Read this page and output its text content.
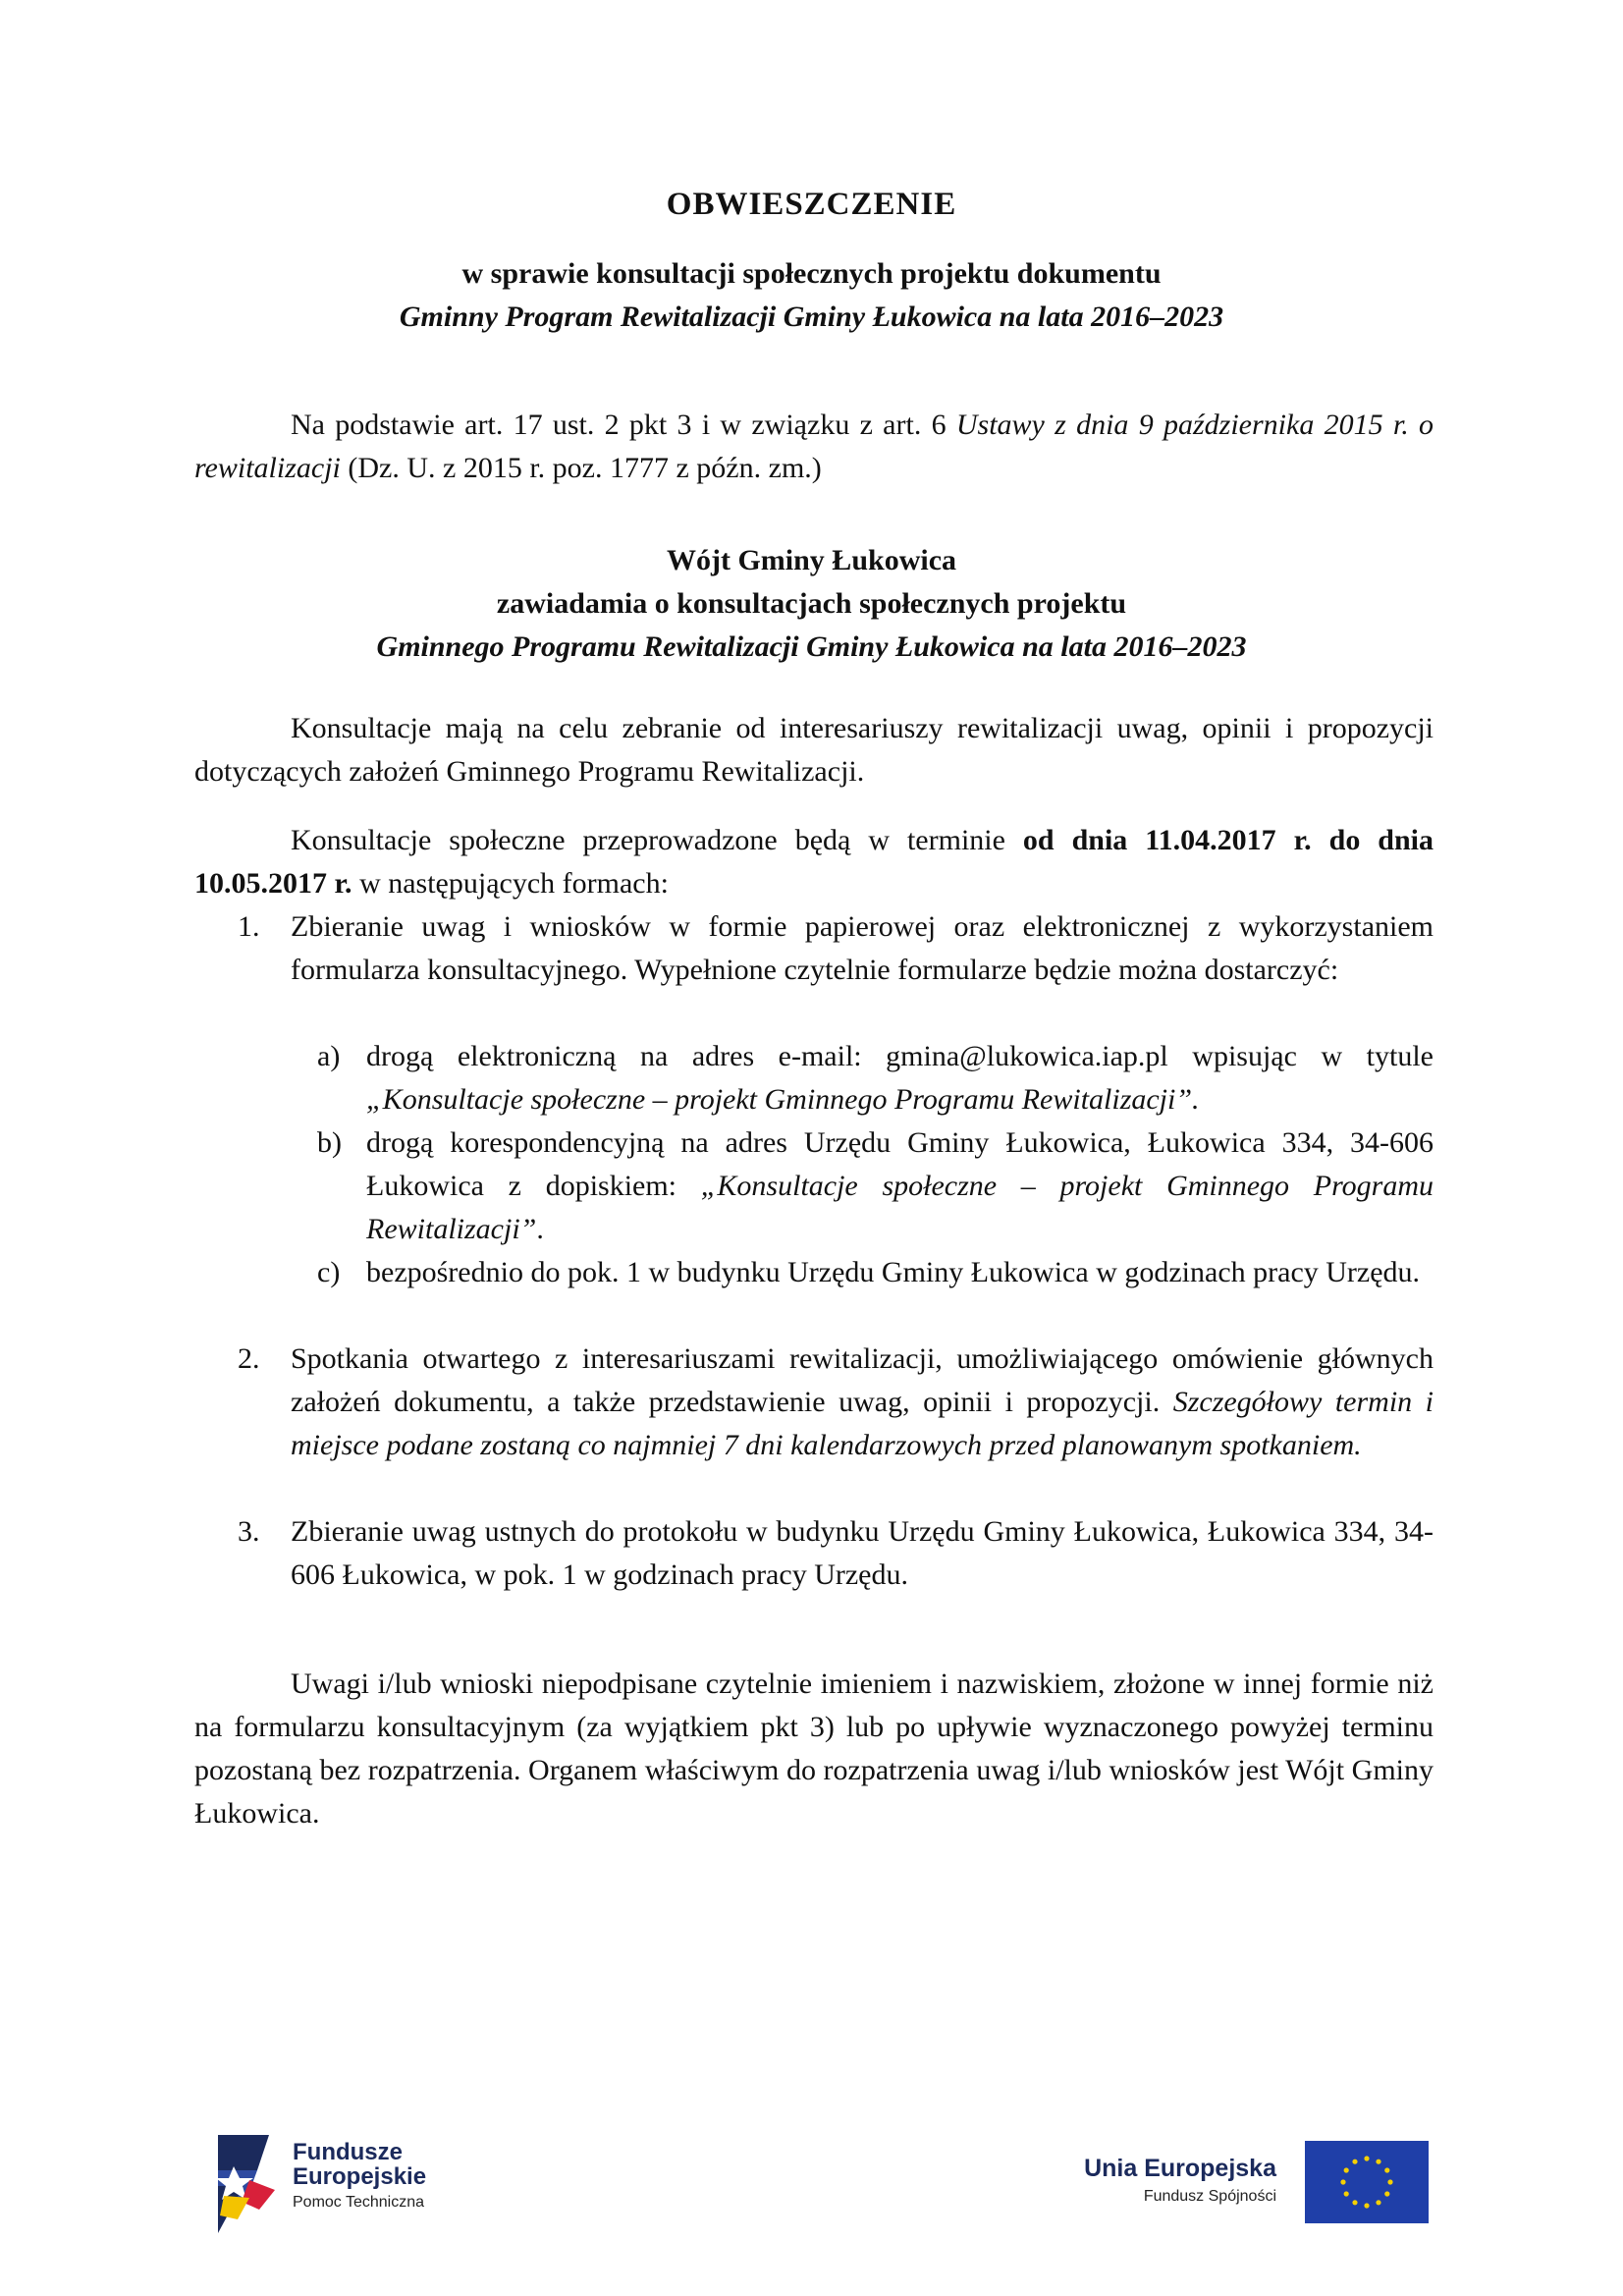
OBWIESZCZENIE
w sprawie konsultacji społecznych projektu dokumentu
Gminny Program Rewitalizacji Gminy Łukowica na lata 2016–2023
Na podstawie art. 17 ust. 2 pkt 3 i w związku z art. 6 Ustawy z dnia 9 października 2015 r. o rewitalizacji (Dz. U. z 2015 r. poz. 1777 z późn. zm.)
Wójt Gminy Łukowica
zawiadamia o konsultacjach społecznych projektu
Gminnego Programu Rewitalizacji Gminy Łukowica na lata 2016–2023
Konsultacje mają na celu zebranie od interesariuszy rewitalizacji uwag, opinii i propozycji dotyczących założeń Gminnego Programu Rewitalizacji.
Konsultacje społeczne przeprowadzone będą w terminie od dnia 11.04.2017 r. do dnia 10.05.2017 r. w następujących formach:
1.	Zbieranie uwag i wniosków w formie papierowej oraz elektronicznej z wykorzystaniem formularza konsultacyjnego. Wypełnione czytelnie formularze będzie można dostarczyć:
a) drogą elektroniczną na adres e-mail: gmina@lukowica.iap.pl wpisując w tytule „Konsultacje społeczne – projekt Gminnego Programu Rewitalizacji”.
b) drogą korespondencyjną na adres Urzędu Gminy Łukowica, Łukowica 334, 34-606 Łukowica z dopiskiem: „Konsultacje społeczne – projekt Gminnego Programu Rewitalizacji”.
c) bezpośrednio do pok. 1 w budynku Urzędu Gminy Łukowica w godzinach pracy Urzędu.
2.	Spotkania otwartego z interesariuszami rewitalizacji, umożliwiającego omówienie głównych założeń dokumentu, a także przedstawienie uwag, opinii i propozycji. Szczegółowy termin i miejsce podane zostaną co najmniej 7 dni kalendarzowych przed planowanym spotkaniem.
3.	Zbieranie uwag ustnych do protokołu w budynku Urzędu Gminy Łukowica, Łukowica 334, 34-606 Łukowica, w pok. 1 w godzinach pracy Urzędu.
Uwagi i/lub wnioski niepodpisane czytelnie imieniem i nazwiskiem, złożone w innej formie niż na formularzu konsultacyjnym (za wyjątkiem pkt 3) lub po upływie wyznaczonego powyżej terminu pozostaną bez rozpatrzenia. Organem właściwym do rozpatrzenia uwag i/lub wniosków jest Wójt Gminy Łukowica.
Fundusze
Europejskie
Pomoc Techniczna
Unia Europejska
Fundusz Spójności
